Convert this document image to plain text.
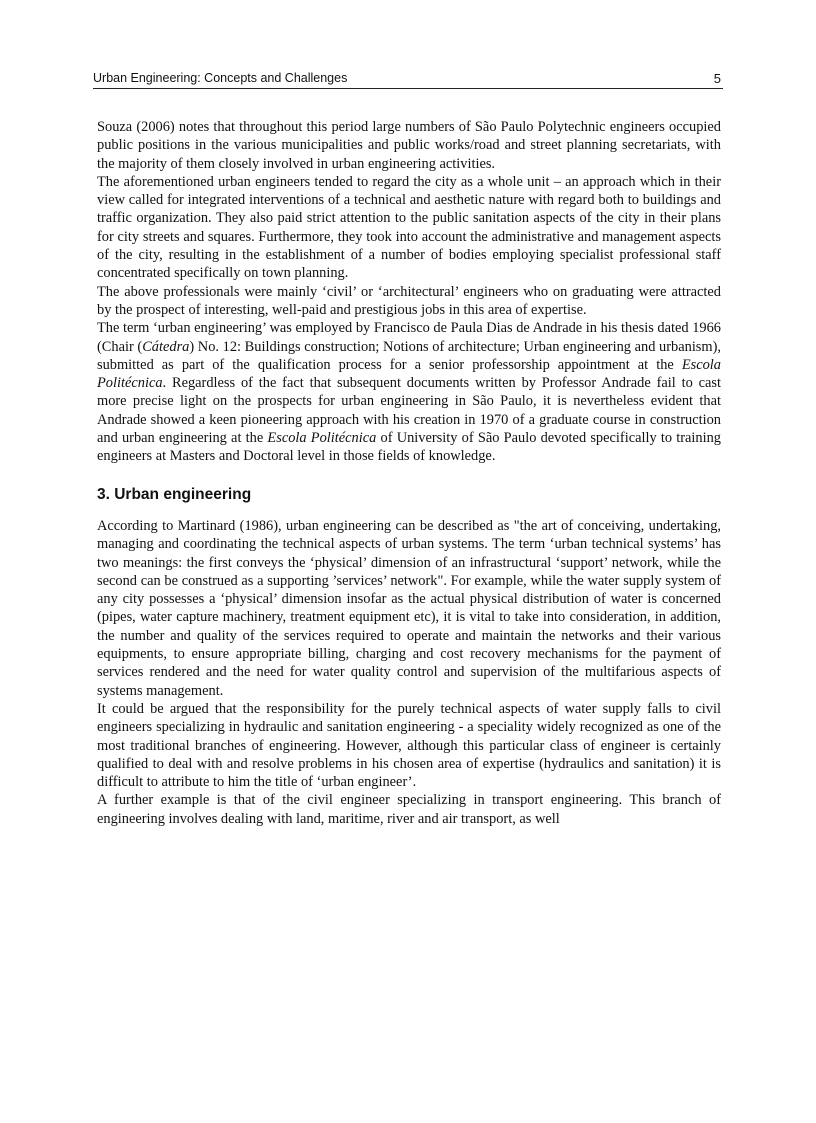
Urban Engineering: Concepts and Challenges	5

Souza (2006) notes that throughout this period large numbers of São Paulo Polytechnic engineers occupied public positions in the various municipalities and public works/road and street planning secretariats, with the majority of them closely involved in urban engineering activities.

The aforementioned urban engineers tended to regard the city as a whole unit – an approach which in their view called for integrated interventions of a technical and aesthetic nature with regard both to buildings and traffic organization. They also paid strict attention to the public sanitation aspects of the city in their plans for city streets and squares. Furthermore, they took into account the administrative and management aspects of the city, resulting in the establishment of a number of bodies employing specialist professional staff concentrated specifically on town planning.

The above professionals were mainly ‘civil’ or ‘architectural’ engineers who on graduating were attracted by the prospect of interesting, well-paid and prestigious jobs in this area of expertise.

The term ‘urban engineering’ was employed by Francisco de Paula Dias de Andrade in his thesis dated 1966 (Chair (Cátedra) No. 12: Buildings construction; Notions of architecture; Urban engineering and urbanism), submitted as part of the qualification process for a senior professorship appointment at the Escola Politécnica. Regardless of the fact that subsequent documents written by Professor Andrade fail to cast more precise light on the prospects for urban engineering in São Paulo, it is nevertheless evident that Andrade showed a keen pioneering approach with his creation in 1970 of a graduate course in construction and urban engineering at the Escola Politécnica of University of São Paulo devoted specifically to training engineers at Masters and Doctoral level in those fields of knowledge.

3. Urban engineering

According to Martinard (1986), urban engineering can be described as "the art of conceiving, undertaking, managing and coordinating the technical aspects of urban systems. The term ‘urban technical systems’ has two meanings: the first conveys the ‘physical’ dimension of an infrastructural ‘support’ network, while the second can be construed as a supporting ’services’ network". For example, while the water supply system of any city possesses a ‘physical’ dimension insofar as the actual physical distribution of water is concerned (pipes, water capture machinery, treatment equipment etc), it is vital to take into consideration, in addition, the number and quality of the services required to operate and maintain the networks and their various equipments, to ensure appropriate billing, charging and cost recovery mechanisms for the payment of services rendered and the need for water quality control and supervision of the multifarious aspects of systems management.

It could be argued that the responsibility for the purely technical aspects of water supply falls to civil engineers specializing in hydraulic and sanitation engineering - a speciality widely recognized as one of the most traditional branches of engineering. However, although this particular class of engineer is certainly qualified to deal with and resolve problems in his chosen area of expertise (hydraulics and sanitation) it is difficult to attribute to him the title of ‘urban engineer’.

A further example is that of the civil engineer specializing in transport engineering. This branch of engineering involves dealing with land, maritime, river and air transport, as well
